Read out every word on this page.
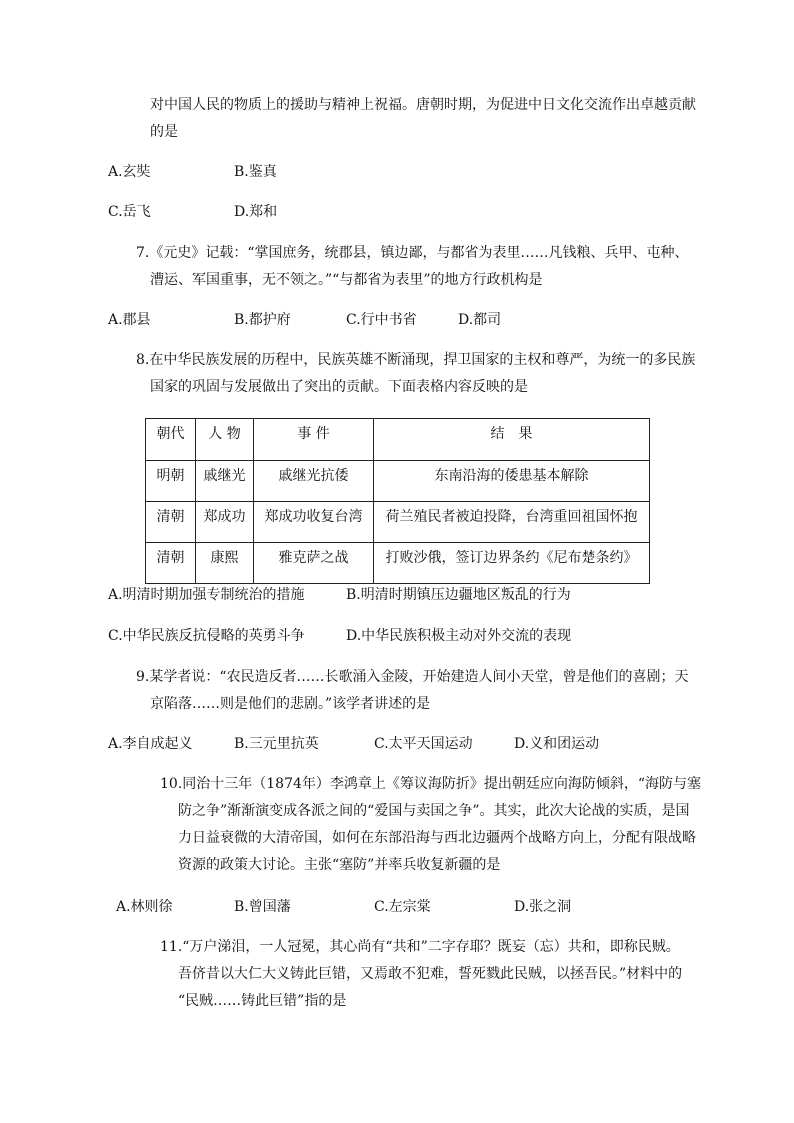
对中国人民的物质上的援助与精神上祝福。唐朝时期，为促进中日文化交流作出卓越贡献
的是
A.玄奘	B.鉴真
C.岳飞	D.郑和
7.《元史》记载：“掌国庶务，统郡县，镇边鄙，与都省为表里……凡钱粮、兵甲、屯种、
漕运、军国重事，无不领之。”“与都省为表里”的地方行政机构是
A.郡县	B.都护府	C.行中书省	D.都司
8.在中华民族发展的历程中，民族英雄不断涌现，捍卫国家的主权和尊严，为统一的多民族
国家的巩固与发展做出了突出的贡献。下面表格内容反映的是
朝代	人 物	事 件	结　果
明朝	戚继光	戚继光抗倭	东南沿海的倭患基本解除
清朝	郑成功	郑成功收复台湾	荷兰殖民者被迫投降，台湾重回祖国怀抱
清朝	康熙	雅克萨之战	打败沙俄，签订边界条约《尼布楚条约》
A.明清时期加强专制统治的措施	B.明清时期镇压边疆地区叛乱的行为
C.中华民族反抗侵略的英勇斗争	D.中华民族积极主动对外交流的表现
9.某学者说：“农民造反者……长歌涌入金陵，开始建造人间小天堂，曾是他们的喜剧；天
京陷落……则是他们的悲剧。”该学者讲述的是
A.李自成起义	B.三元里抗英	C.太平天国运动	D.义和团运动
10.同治十三年（1874年）李鸿章上《筹议海防折》提出朝廷应向海防倾斜，“海防与塞
防之争”渐渐演变成各派之间的“爱国与卖国之争”。其实，此次大论战的实质，是国
力日益衰微的大清帝国，如何在东部沿海与西北边疆两个战略方向上，分配有限战略
资源的政策大讨论。主张“塞防”并率兵收复新疆的是
A.林则徐	B.曾国藩	C.左宗棠	D.张之洞
11.“万户涕泪，一人冠冕，其心尚有“共和”二字存耶？既妄（忘）共和，即称民贼。
吾侪昔以大仁大义铸此巨错，又焉敢不犯难，誓死戮此民贼，以拯吾民。”材料中的
“民贼……铸此巨错”指的是
